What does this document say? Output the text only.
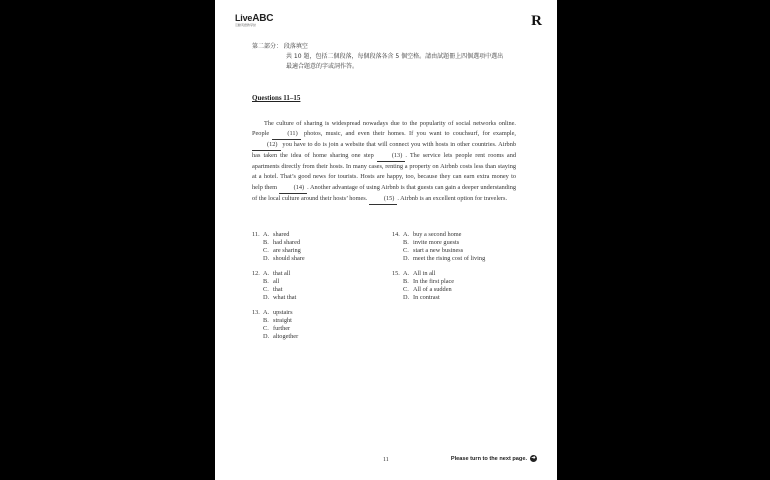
LiveABC
互動英語教學誌	R
第二部分： 段落填空
共 10 題，包括二個段落，每個段落各含 5 個空格。請由試題冊上四個選項中選出
最適合題意的字或詞作答。
Questions 11–15

The culture of sharing is widespread nowadays due to the popularity of social networks online. People	(11) photos, music, and even their homes. If you want to couchsurf, for example, (12) you have to do is join a website that will connect you with hosts in other countries. Airbnb has taken the idea of home sharing one step	(13) . The service lets people rent rooms and apartments directly from their hosts. In many cases, renting a property on Airbnb costs less than staying at a hotel. That’s good news for tourists. Hosts are happy, too, because they can earn extra money to help them	(14) . Another advantage of using Airbnb is that guests can gain a deeper understanding of the local culture around their hosts’ homes.	(15) . Airbnb is an excellent option for travelers.

11. A. shared
B. had shared
C. are sharing
D. should share
12. A. that all
B. all
C. that
D. what that
13. A. upstairs
B. straight
C. further
D. altogether
14. A. buy a second home
B. invite more guests
C. start a new business
D. meet the rising cost of living
15. A. All in all
B. In the first place
C. All of a sudden
D. In contrast
11	Please turn to the next page. ➜
